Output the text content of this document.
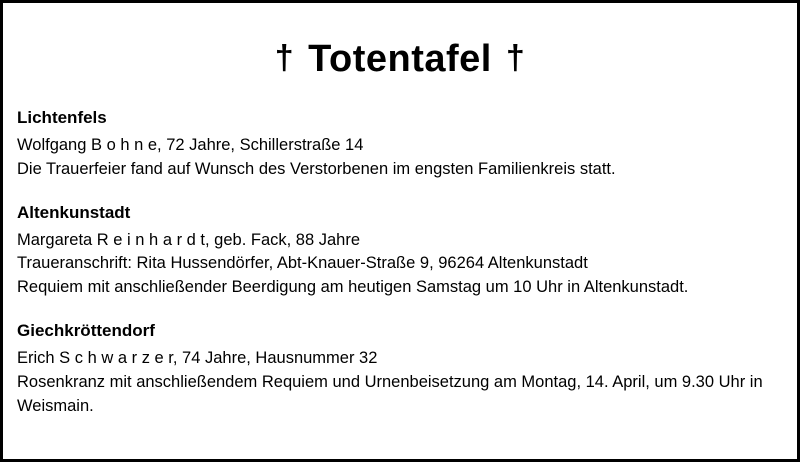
† Totentafel †
Lichtenfels
Wolfgang B o h n e, 72 Jahre, Schillerstraße 14
Die Trauerfeier fand auf Wunsch des Verstorbenen im engsten Familienkreis statt.
Altenkunstadt
Margareta R e i n h a r d t, geb. Fack, 88 Jahre
Traueranschrift: Rita Hussendörfer, Abt-Knauer-Straße 9, 96264 Altenkunstadt
Requiem mit anschließender Beerdigung am heutigen Samstag um 10 Uhr in Altenkunstadt.
Giechkröttendorf
Erich S c h w a r z e r, 74 Jahre, Hausnummer 32
Rosenkranz mit anschließendem Requiem und Urnenbeisetzung am Montag, 14. April, um 9.30 Uhr in Weismain.
